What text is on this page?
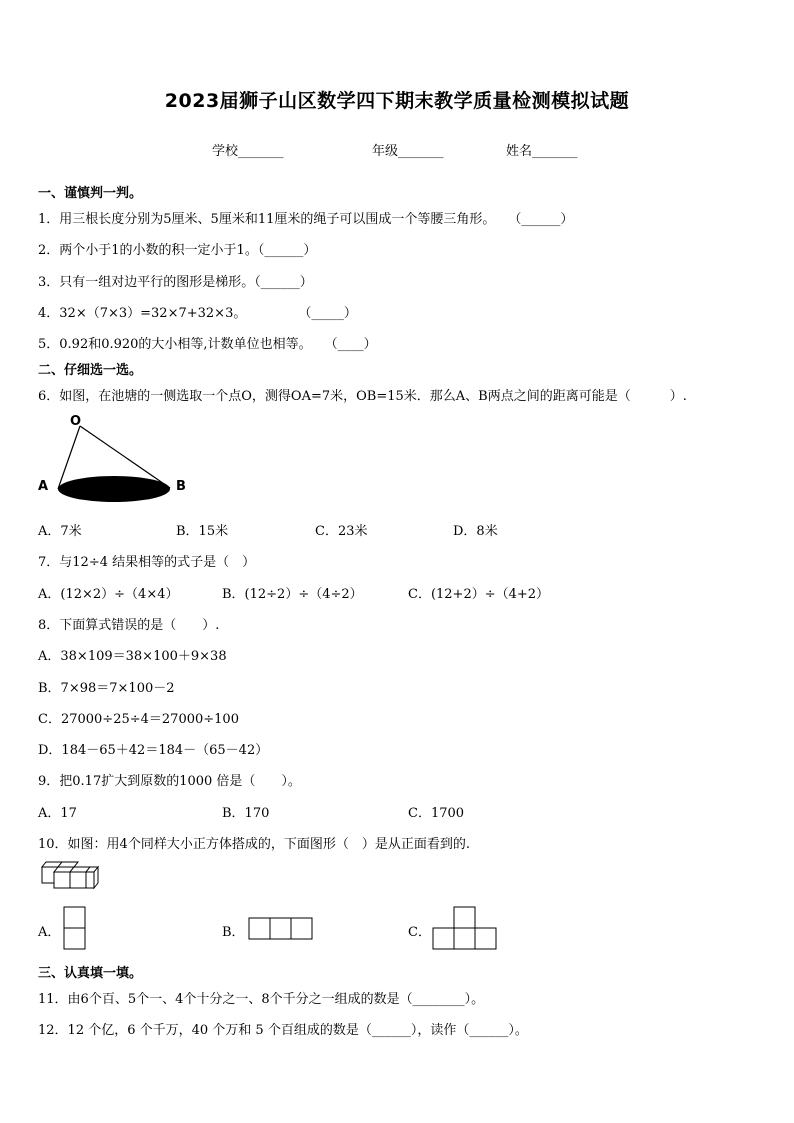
2023届狮子山区数学四下期末教学质量检测模拟试题
学校_______	年级_______	姓名_______
一、谨慎判一判。
1．用三根长度分别为5厘米、5厘米和11厘米的绳子可以围成一个等腰三角形。　　（______）
2．两个小于1的小数的积一定小于1。（______）
3．只有一组对边平行的图形是梯形。（______）
4．32×（7×3）=32×7+32×3。　　　　　（_____）
5．0.92和0.920的大小相等,计数单位也相等。　　（____）
二、仔细选一选。
6．如图，在池塘的一侧选取一个点O，测得OA=7米，OB=15米．那么A、B两点之间的距离可能是（　　　）.
O
A	B
A．7米	B．15米	C．23米	D．8米
7．与12÷4 结果相等的式子是（　）
A．(12×2）÷（4×4）	B．(12÷2）÷（4÷2）	C．(12+2）÷（4+2）
8．下面算式错误的是（　　）.
A．38×109＝38×100＋9×38
B．7×98＝7×100－2
C．27000÷25÷4＝27000÷100
D．184－65＋42＝184－（65－42）
9．把0.17扩大到原数的1000 倍是（　　）。
A．17	B．170	C．1700
10．如图：用4个同样大小正方体搭成的，下面图形（　）是从正面看到的.
A．	B．	C．
三、认真填一填。
11．由6个百、5个一、4个十分之一、8个千分之一组成的数是（________）。
12．12 个亿，6 个千万，40 个万和 5 个百组成的数是（______），读作（______）。
